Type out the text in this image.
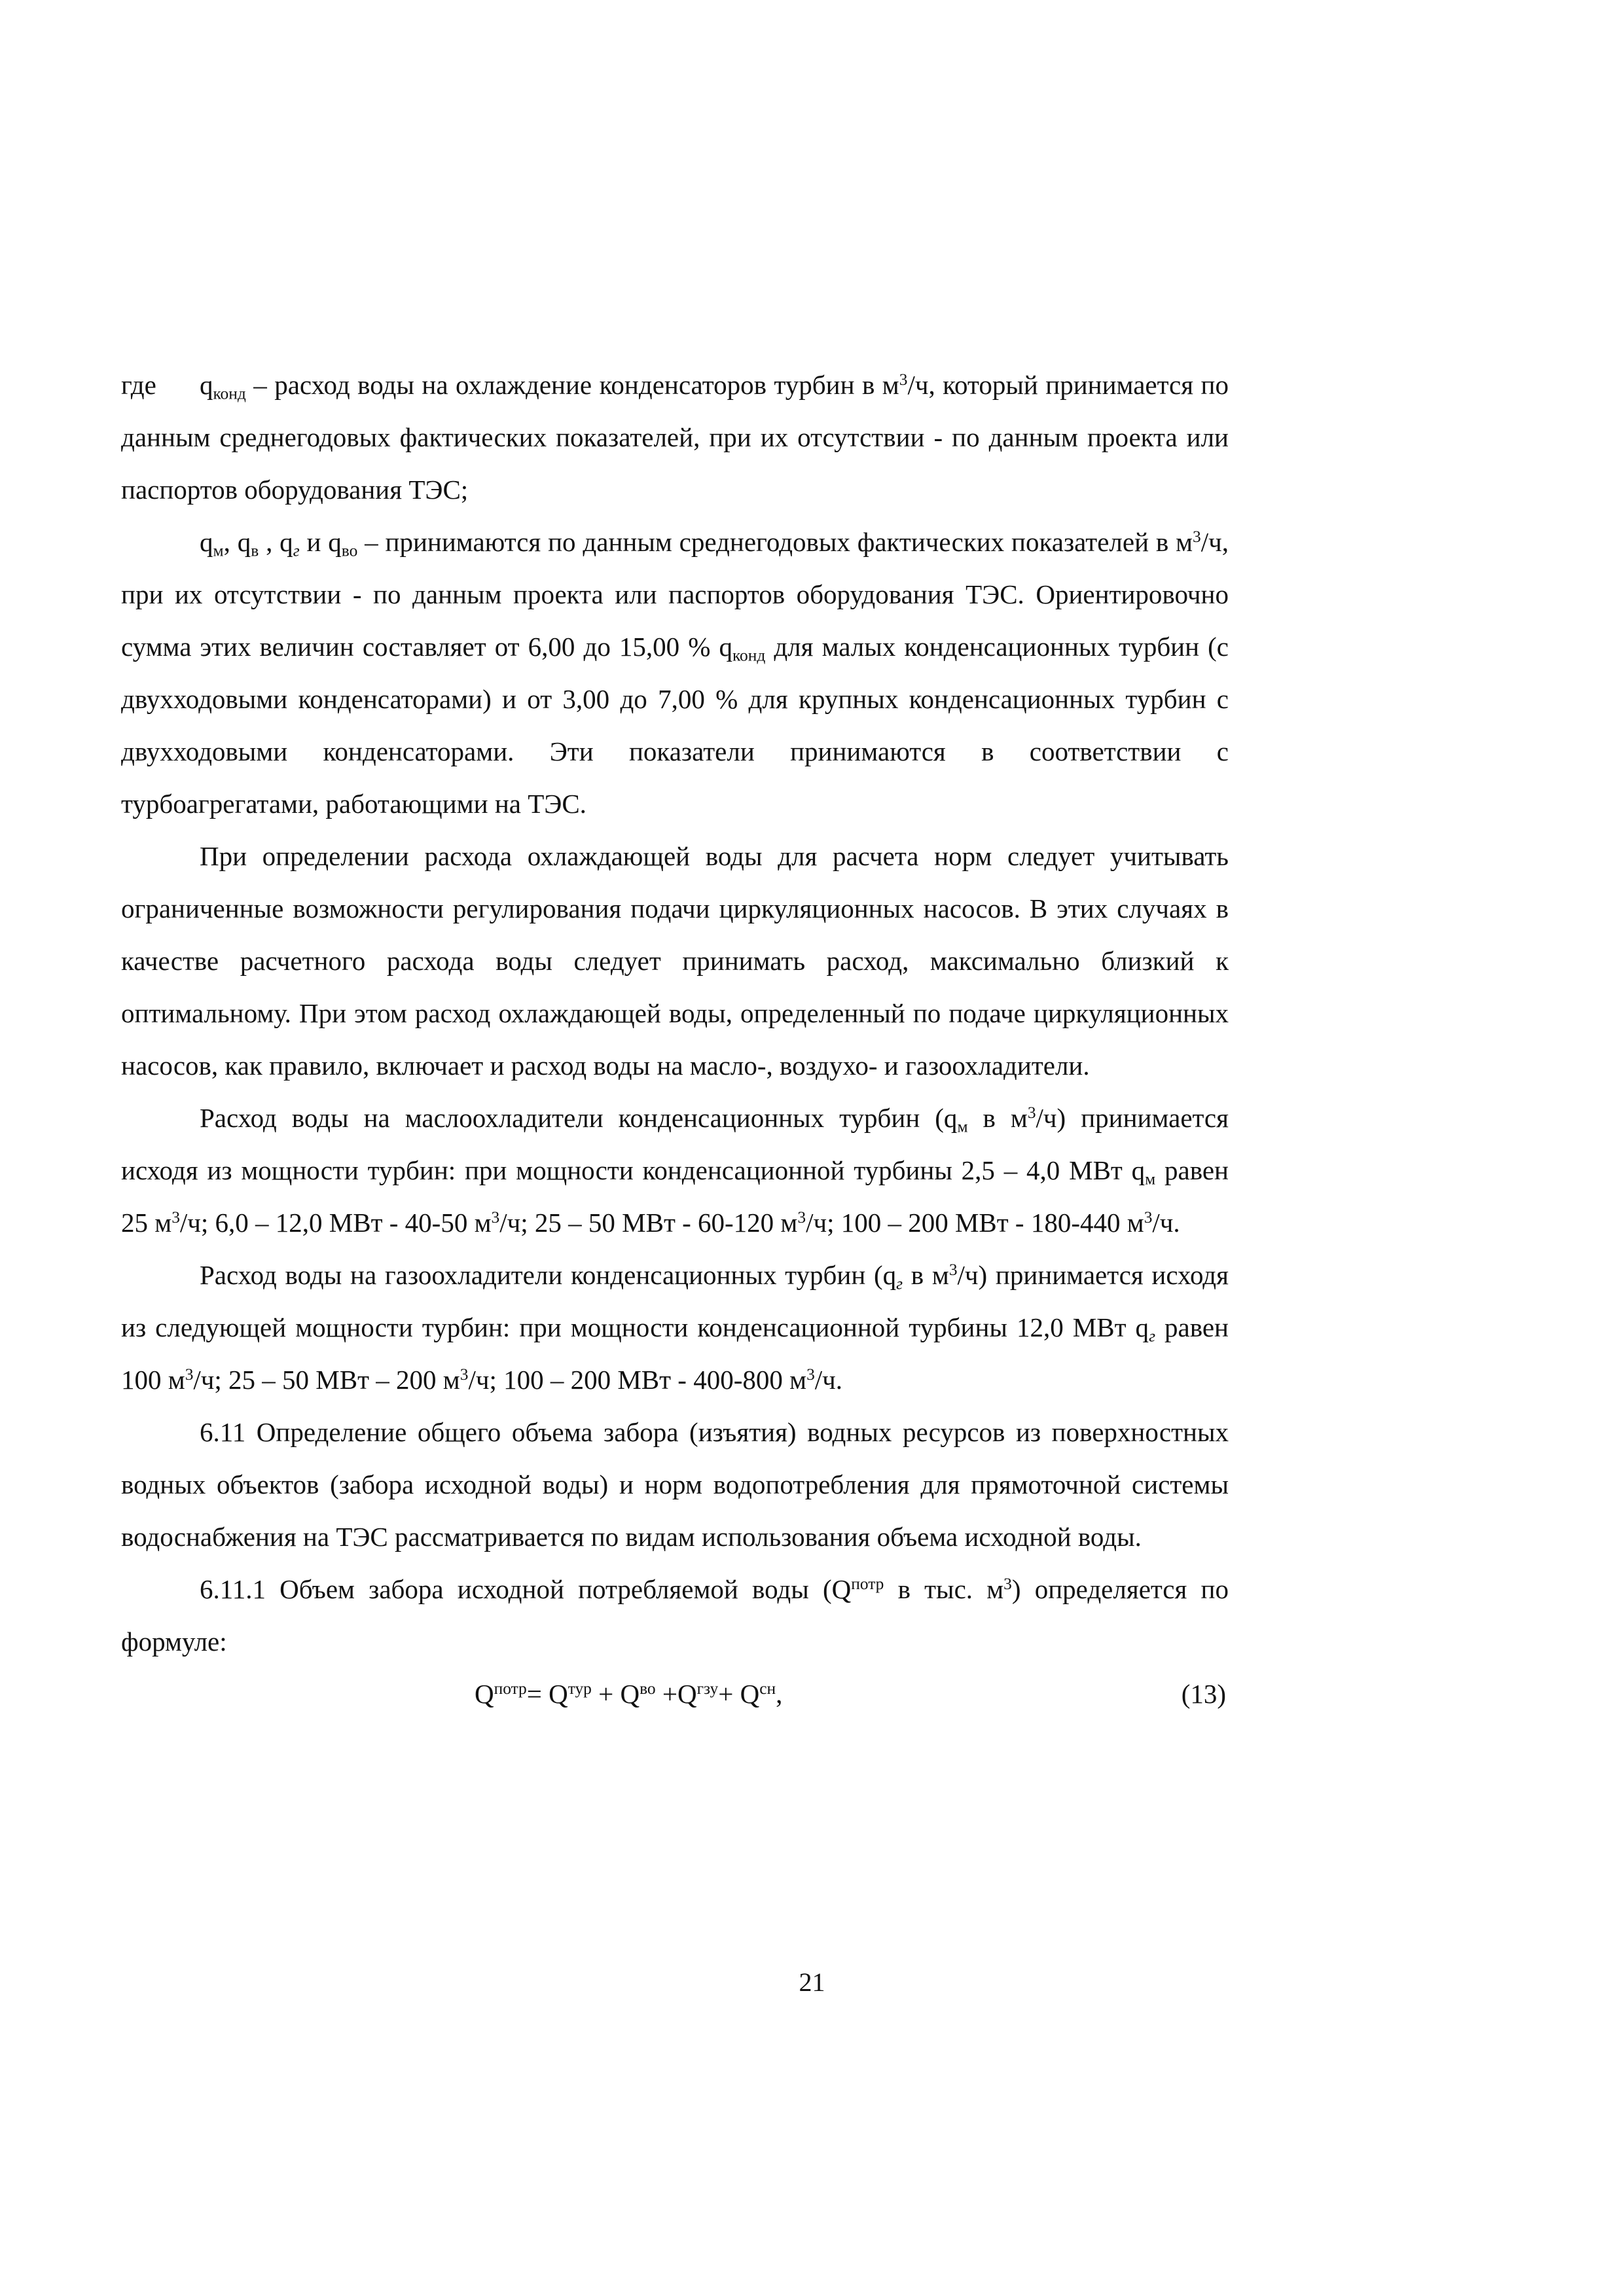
где $q_{конд}$ – расход воды на охлаждение конденсаторов турбин в $м^3/ч$, который принимается по данным среднегодовых фактических показателей, при их отсутствии - по данным проекта или паспортов оборудования ТЭС;

$q_м$, $q_в$ , $q_г$ и $q_{во}$ – принимаются по данным среднегодовых фактических показателей в $м^3/ч$, при их отсутствии - по данным проекта или паспортов оборудования ТЭС. Ориентировочно сумма этих величин составляет от 6,00 до 15,00 % $q_{конд}$ для малых конденсационных турбин (с двухходовыми конденсаторами) и от 3,00 до 7,00 % для крупных конденсационных турбин с двухходовыми конденсаторами. Эти показатели принимаются в соответствии с турбоагрегатами, работающими на ТЭС.

При определении расхода охлаждающей воды для расчета норм следует учитывать ограниченные возможности регулирования подачи циркуляционных насосов. В этих случаях в качестве расчетного расхода воды следует принимать расход, максимально близкий к оптимальному. При этом расход охлаждающей воды, определенный по подаче циркуляционных насосов, как правило, включает и расход воды на масло-, воздухо- и газоохладители.

Расход воды на маслоохладители конденсационных турбин ($q_м$ в $м^3/ч$) принимается исходя из мощности турбин: при мощности конденсационной турбины 2,5 – 4,0 МВт $q_м$ равен 25 $м^3/ч$; 6,0 – 12,0 МВт - 40-50 $м^3/ч$; 25 – 50 МВт - 60-120 $м^3/ч$; 100 – 200 МВт - 180-440 $м^3/ч$.

Расход воды на газоохладители конденсационных турбин ($q_г$ в $м^3/ч$) принимается исходя из следующей мощности турбин: при мощности конденсационной турбины 12,0 МВт $q_г$ равен 100 $м^3/ч$; 25 – 50 МВт – 200 $м^3/ч$; 100 – 200 МВт - 400-800 $м^3/ч$.

6.11 Определение общего объема забора (изъятия) водных ресурсов из поверхностных водных объектов (забора исходной воды) и норм водопотребления для прямоточной системы водоснабжения на ТЭС рассматривается по видам использования объема исходной воды.

6.11.1 Объем забора исходной потребляемой воды ($Q^{потр}$ в тыс. $м^3$) определяется по формуле:

$Q^{потр}= Q^{тур} + Q^{во} +Q^{гзу}+ Q^{сн}$,	(13)
21
